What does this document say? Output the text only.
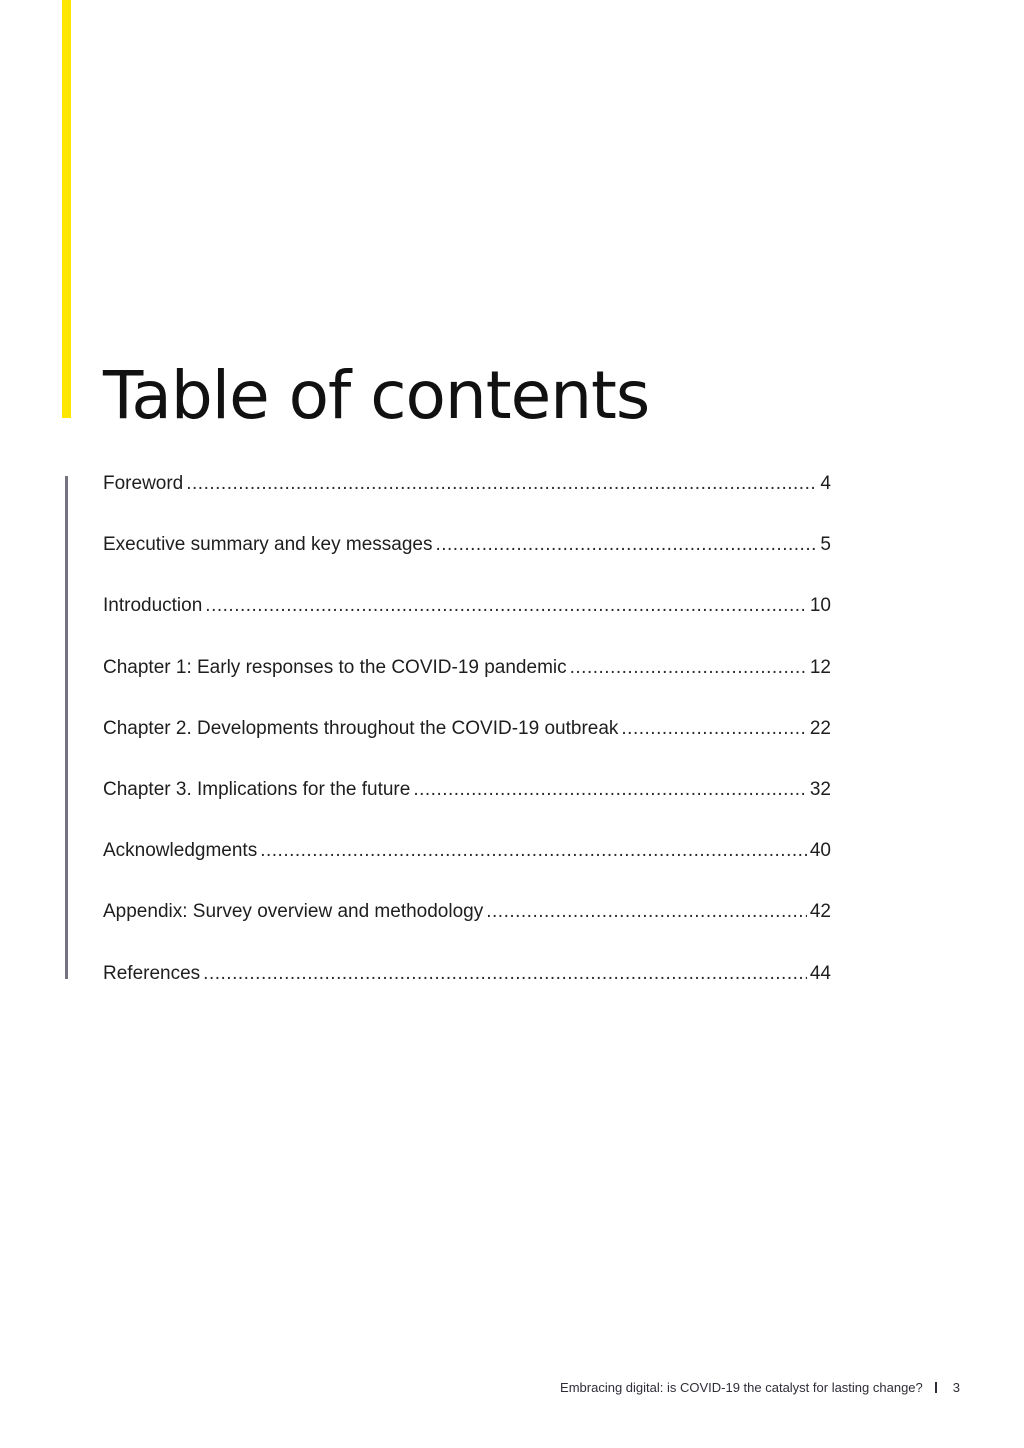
Table of contents
Foreword .....	4
Executive summary and key messages .....	5
Introduction .....	10
Chapter 1: Early responses to the COVID-19 pandemic .....	12
Chapter 2. Developments throughout the COVID-19 outbreak .....	22
Chapter 3. Implications for the future .....	32
Acknowledgments .....	40
Appendix: Survey overview and methodology .....	42
References .....	44
Embracing digital: is COVID-19 the catalyst for lasting change? 3
